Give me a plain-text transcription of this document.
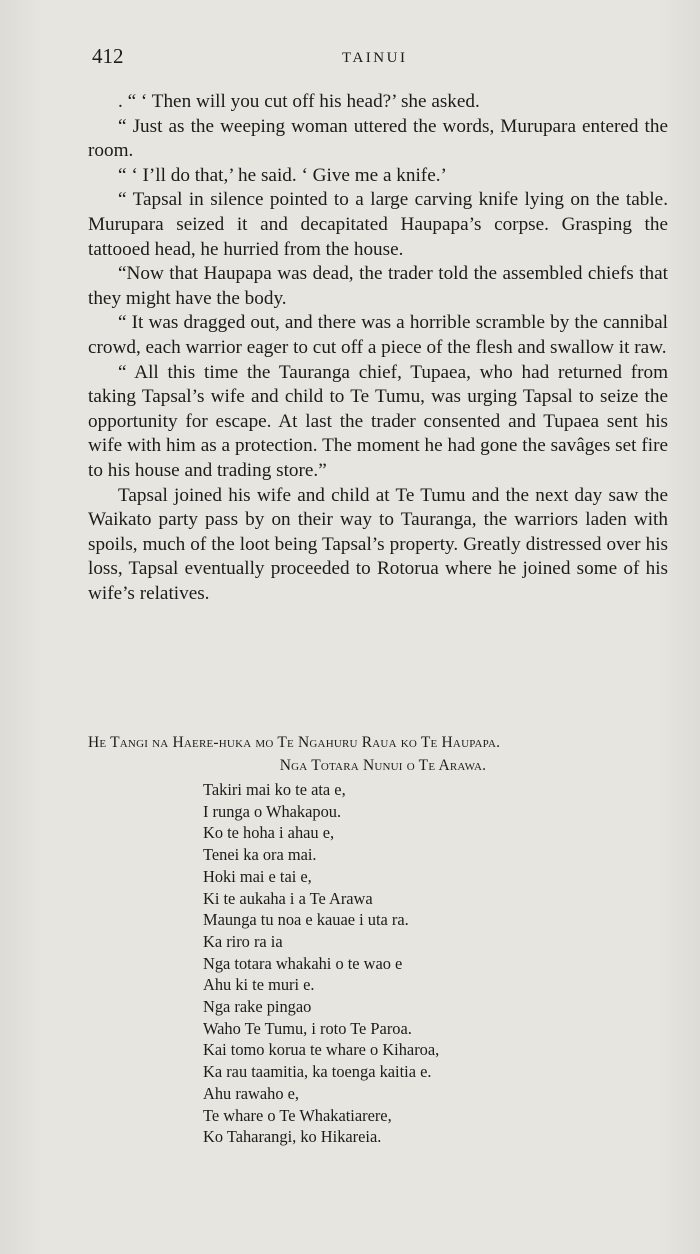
412	TAINUI

. “ ‘ Then will you cut off his head?’ she asked.

“ Just as the weeping woman uttered the words, Murupara entered the room.

“ ‘ I’ll do that,’ he said. ‘ Give me a knife.’

“ Tapsal in silence pointed to a large carving knife lying on the table. Murupara seized it and decapitated Haupapa’s corpse. Grasping the tattooed head, he hurried from the house.

“Now that Haupapa was dead, the trader told the assembled chiefs that they might have the body.

“ It was dragged out, and there was a horrible scramble by the cannibal crowd, each warrior eager to cut off a piece of the flesh and swallow it raw.

“ All this time the Tauranga chief, Tupaea, who had returned from taking Tapsal’s wife and child to Te Tumu, was urging Tapsal to seize the opportunity for escape. At last the trader consented and Tupaea sent his wife with him as a protection. The moment he had gone the savâges set fire to his house and trading store.”

Tapsal joined his wife and child at Te Tumu and the next day saw the Waikato party pass by on their way to Tauranga, the warriors laden with spoils, much of the loot being Tapsal’s property. Greatly distressed over his loss, Tapsal eventually proceeded to Rotorua where he joined some of his wife’s relatives.

He Tangi na Haere-huka mo Te Ngahuru Raua ko Te Haupapa.
Nga Totara Nunui o Te Arawa.
Takiri mai ko te ata e,
I runga o Whakapou.
Ko te hoha i ahau e,
Tenei ka ora mai.
Hoki mai e tai e,
Ki te aukaha i a Te Arawa
Maunga tu noa e kauae i uta ra.
Ka riro ra ia
Nga totara whakahi o te wao e
Ahu ki te muri e.
Nga rake pingao
Waho Te Tumu, i roto Te Paroa.
Kai tomo korua te whare o Kiharoa,
Ka rau taamitia, ka toenga kaitia e.
Ahu rawaho e,
Te whare o Te Whakatiarere,
Ko Taharangi, ko Hikareia.
